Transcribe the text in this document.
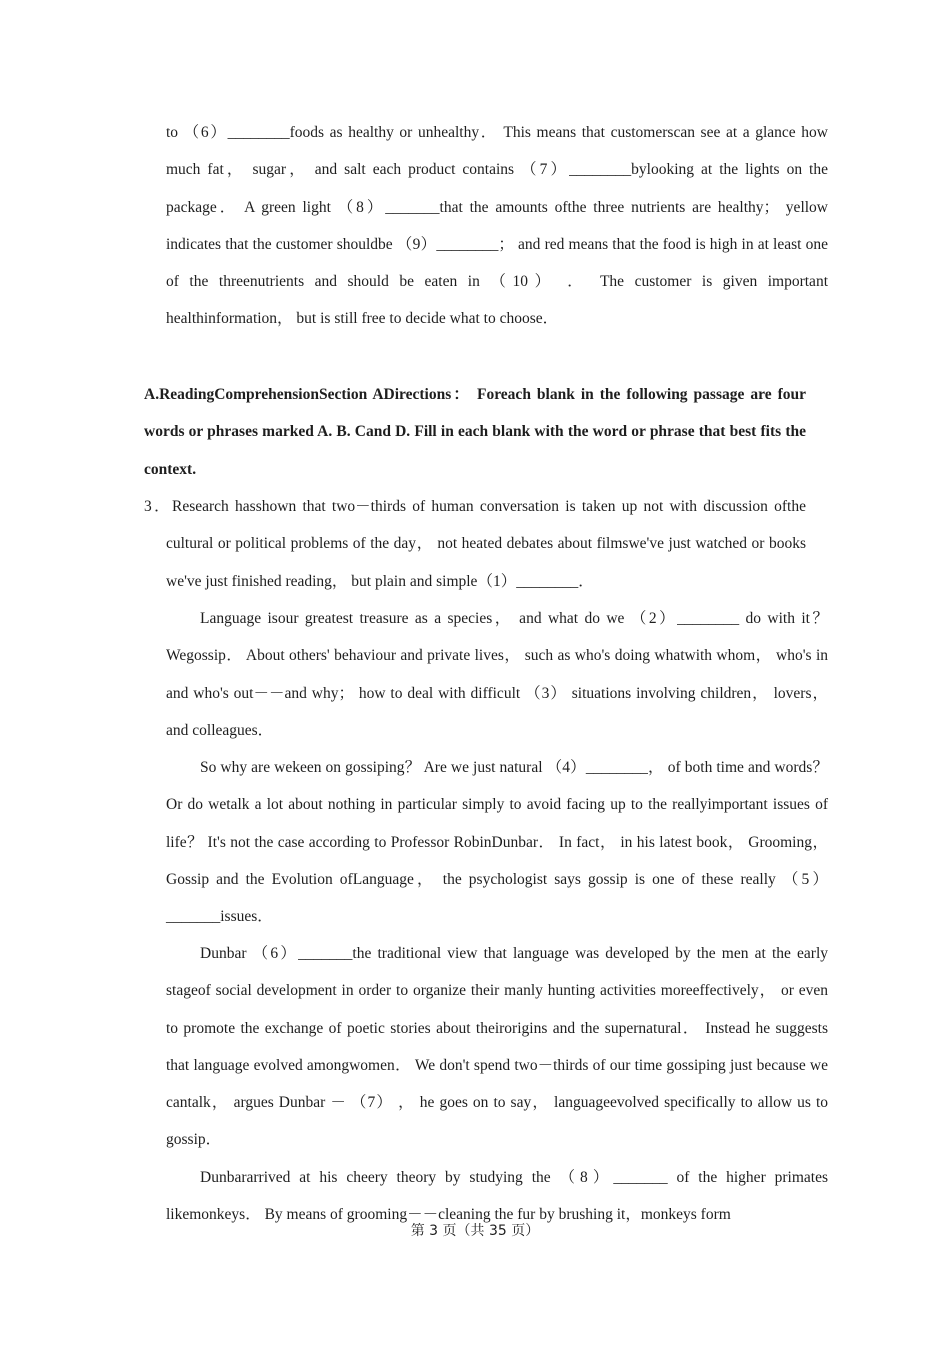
to （6）________foods as healthy or unhealthy． This means that customerscan see at a glance how much fat， sugar， and salt each product contains （7）________bylooking at the lights on the package． A green light （8）_______that the amounts ofthe three nutrients are healthy； yellow indicates that the customer shouldbe （9）________； and red means that the food is high in at least one of the threenutrients and should be eaten in （10） ． The customer is given important healthinformation， but is still free to decide what to choose．

A.ReadingComprehensionSection ADirections： Foreach blank in the following passage are four words or phrases marked A. B. Cand D. Fill in each blank with the word or phrase that best fits the context.

3．Research hasshown that two－thirds of human conversation is taken up not with discussion ofthe cultural or political problems of the day， not heated debates about filmswe've just watched or books we've just finished reading， but plain and simple（1）________．

Language isour greatest treasure as a species， and what do we （2）________ do with it？ Wegossip． About others' behaviour and private lives， such as who's doing whatwith whom， who's in and who's out－－and why； how to deal with difficult （3） situations involving children， lovers， and colleagues．

So why are wekeen on gossiping？ Are we just natural （4）________， of both time and words？ Or do wetalk a lot about nothing in particular simply to avoid facing up to the reallyimportant issues of life？ It's not the case according to Professor RobinDunbar． In fact， in his latest book， Grooming， Gossip and the Evolution ofLanguage， the psychologist says gossip is one of these really （5）_______issues．

Dunbar （6）_______the traditional view that language was developed by the men at the early stageof social development in order to organize their manly hunting activities moreeffectively， or even to promote the exchange of poetic stories about theirorigins and the supernatural． Instead he suggests that language evolved amongwomen． We don't spend two－thirds of our time gossiping just because we cantalk， argues Dunbar － （7） ， he goes on to say， languageevolved specifically to allow us to gossip．

Dunbararrived at his cheery theory by studying the （8）_______ of the higher primates likemonkeys． By means of grooming－－cleaning the fur by brushing it，monkeys form

第 3 页（共 35 页）
